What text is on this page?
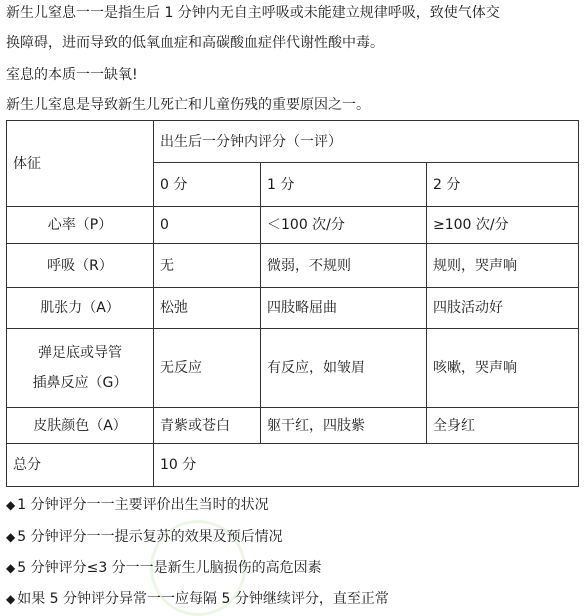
新生儿窒息一一是指生后 1 分钟内无自主呼吸或未能建立规律呼吸，致使气体交
换障碍，进而导致的低氧血症和高碳酸血症伴代谢性酸中毒。
室息的本质一一缺氧!
新生儿室息是导致新生儿死亡和儿童伤残的重要原因之一。
体征	出生后一分钟内评分（一评）		
	0 分	1 分	2 分
心率（P）	0	＜100 次/分	≥100 次/分
呼吸（R）	无	微弱，不规则	规则，哭声响
肌张力（A）	松弛	四肢略屈曲	四肢活动好

弹足底或导管
插鼻反应（G）	无反应	有反应，如皱眉	咳嗽，哭声响
皮肤颜色（A）	青紫或苍白	躯干红，四肢紫	全身红
总分	10 分		
◆ 1 分钟评分一一主要评价出生当时的状况
◆ 5 分钟评分一一提示复苏的效果及预后情况
◆ 5 分钟评分≤3 分一一是新生儿脑损伤的高危因素
◆ 如果 5 分钟评分异常一一应每隔 5 分钟继续评分，直至正常
